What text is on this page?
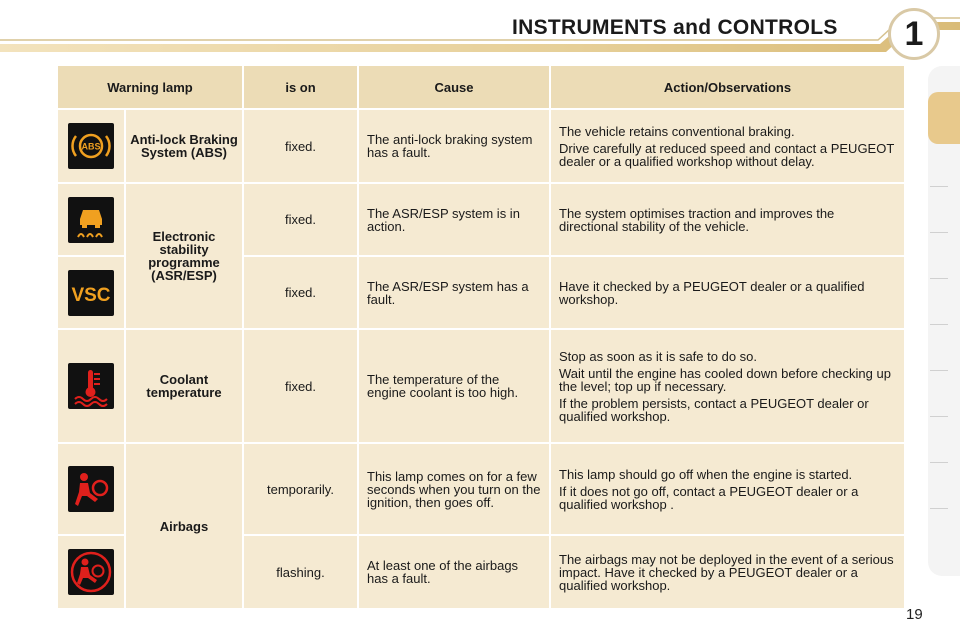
INSTRUMENTS and CONTROLS	1
Warning lamp		is on	Cause	Action/Observations

ABS	Anti-lock Braking System (ABS)	fixed.	The anti-lock braking system has a fault.	The vehicle retains conventional braking.

Drive carefully at reduced speed and contact a PEUGEOT dealer or a qualified workshop without delay.

	Electronic stability programme (ASR/ESP)	fixed.	The ASR/ESP system is in action.	The system optimises traction and improves the directional stability of the vehicle.

VSC		fixed.	The ASR/ESP system has a fault.	Have it checked by a PEUGEOT dealer or a qualified workshop.

	Coolant temperature	fixed.	The temperature of the engine coolant is too high.	Stop as soon as it is safe to do so.

Wait until the engine has cooled down before checking up the level; top up if necessary.

If the problem persists, contact a PEUGEOT dealer or qualified workshop.

	Airbags	temporarily.	This lamp comes on for a few seconds when you turn on the ignition, then goes off.	This lamp should go off when the engine is started.

If it does not go off, contact a PEUGEOT dealer or a qualified workshop .

	flashing.	At least one of the airbags has a fault.	The airbags may not be deployed in the event of a serious impact. Have it checked by a PEUGEOT dealer or a qualified workshop.
19
